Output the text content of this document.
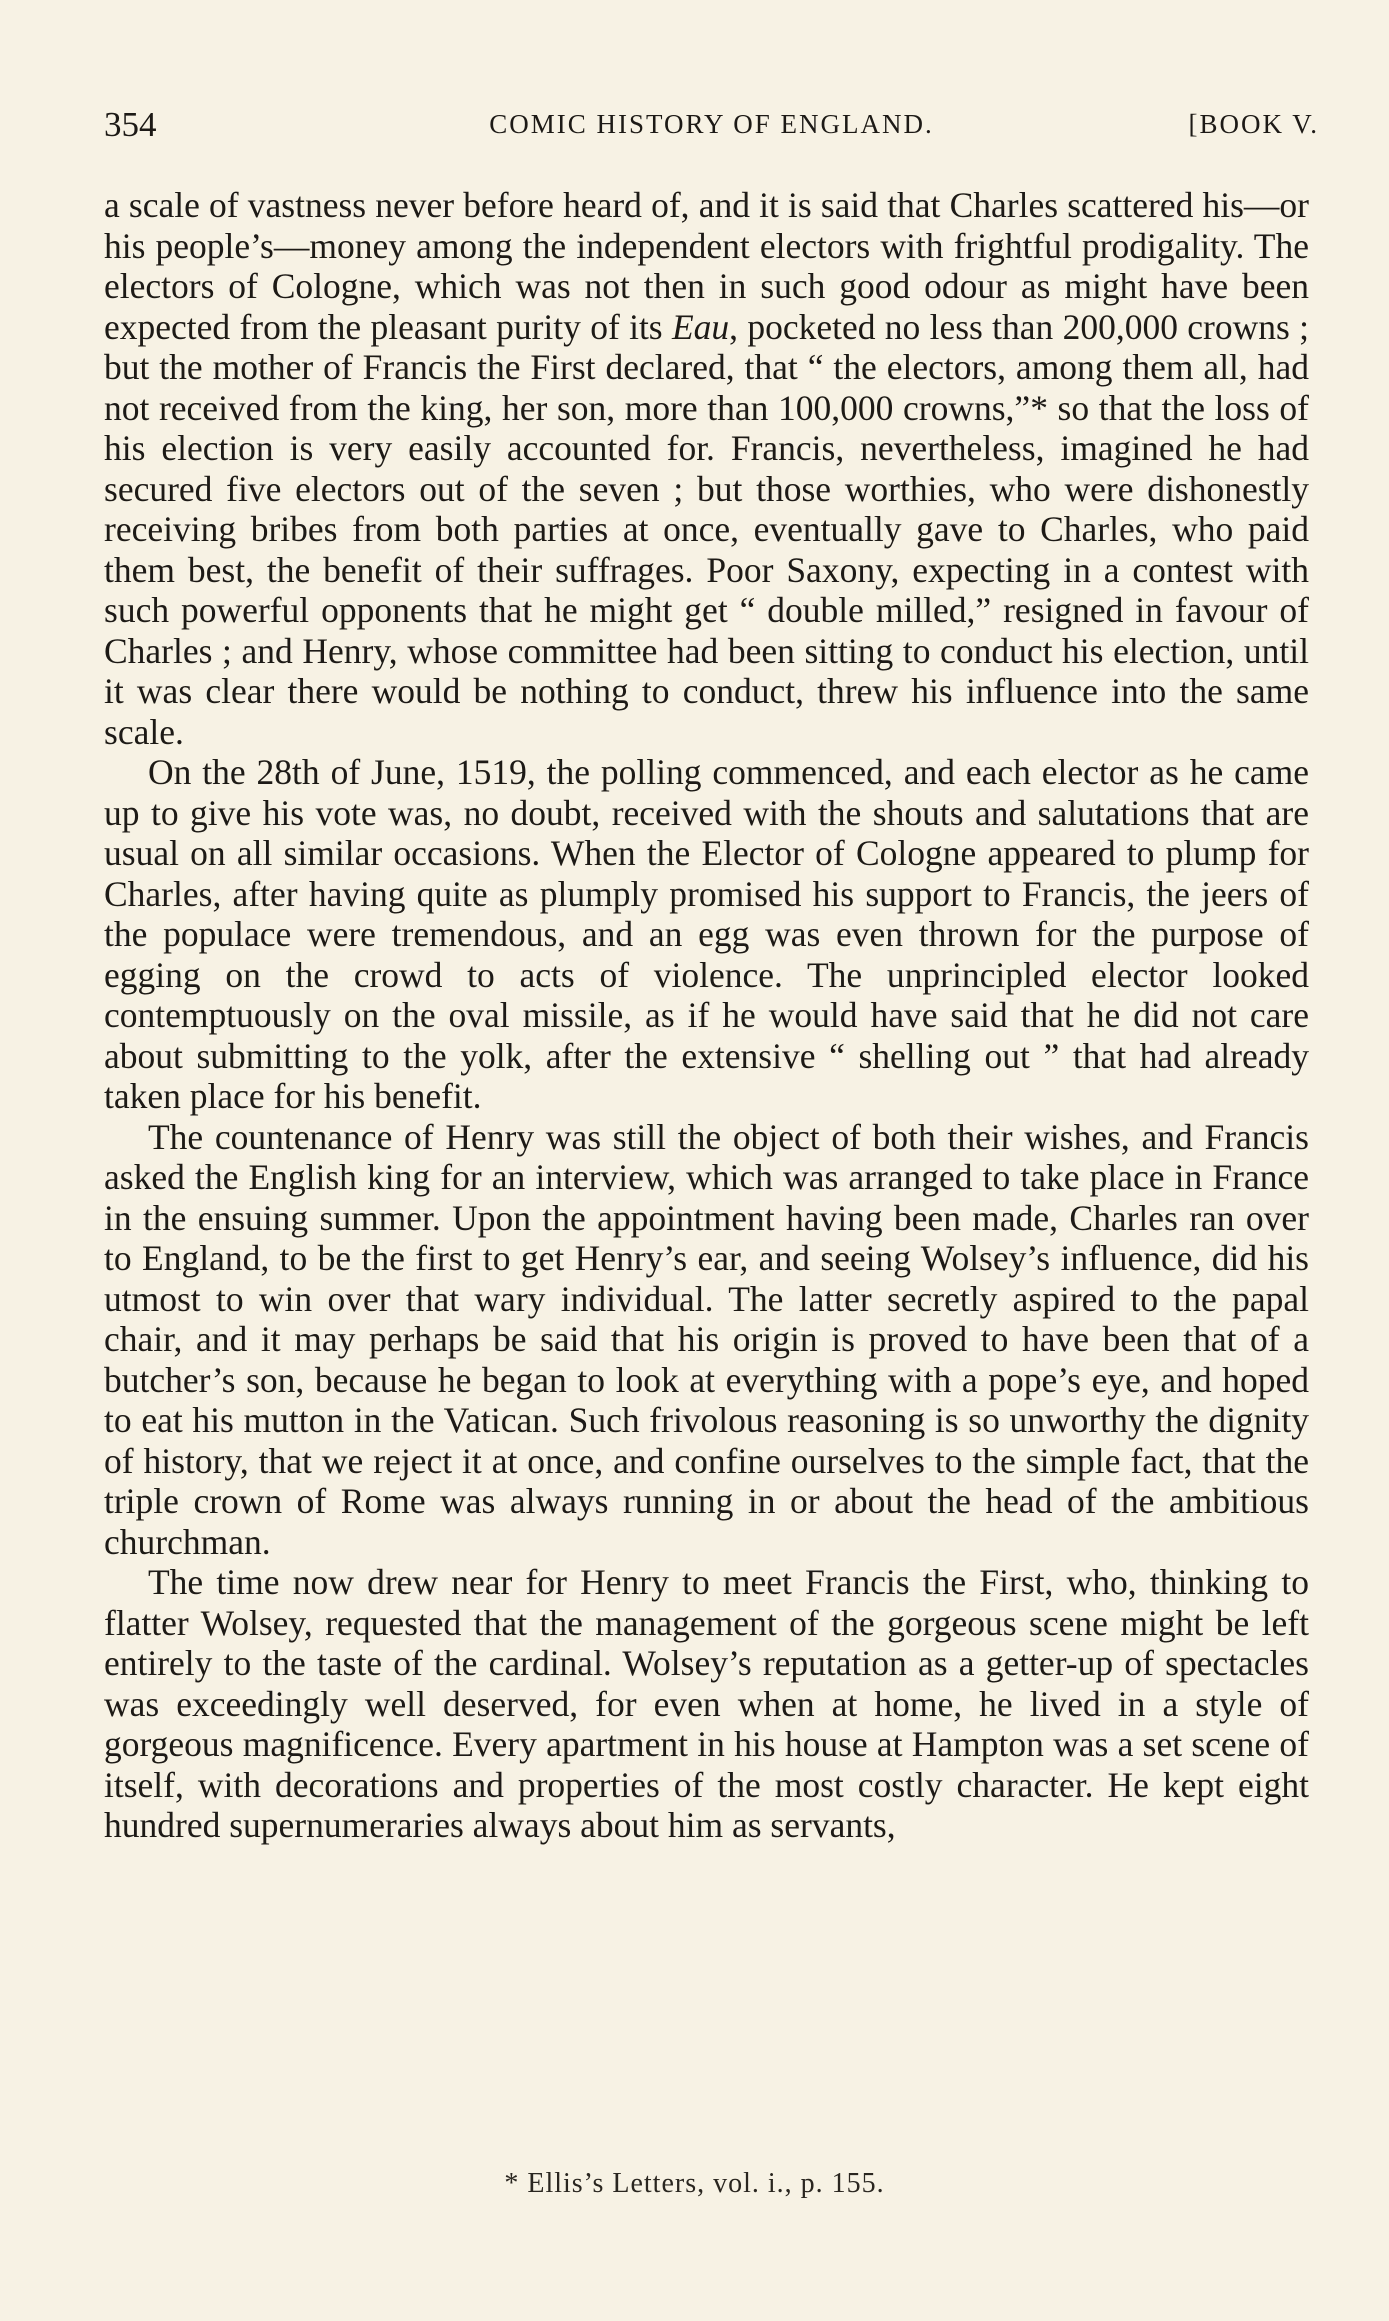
354	COMIC HISTORY OF ENGLAND.	[BOOK V.

a scale of vastness never before heard of, and it is said that Charles scattered his—or his people’s—money among the independent electors with frightful prodigality. The electors of Cologne, which was not then in such good odour as might have been expected from the pleasant purity of its Eau, pocketed no less than 200,000 crowns ; but the mother of Francis the First declared, that “ the electors, among them all, had not received from the king, her son, more than 100,000 crowns,”* so that the loss of his election is very easily accounted for. Francis, nevertheless, imagined he had secured five electors out of the seven ; but those worthies, who were dishonestly receiving bribes from both parties at once, eventually gave to Charles, who paid them best, the benefit of their suffrages. Poor Saxony, expecting in a contest with such powerful opponents that he might get “ double milled,” resigned in favour of Charles ; and Henry, whose committee had been sitting to conduct his election, until it was clear there would be nothing to conduct, threw his influence into the same scale.

On the 28th of June, 1519, the polling commenced, and each elector as he came up to give his vote was, no doubt, received with the shouts and salutations that are usual on all similar occasions. When the Elector of Cologne appeared to plump for Charles, after having quite as plumply promised his support to Francis, the jeers of the populace were tremendous, and an egg was even thrown for the purpose of egging on the crowd to acts of violence. The unprincipled elector looked contemptuously on the oval missile, as if he would have said that he did not care about submitting to the yolk, after the extensive “ shelling out ” that had already taken place for his benefit.

The countenance of Henry was still the object of both their wishes, and Francis asked the English king for an interview, which was arranged to take place in France in the ensuing summer. Upon the appointment having been made, Charles ran over to England, to be the first to get Henry’s ear, and seeing Wolsey’s influence, did his utmost to win over that wary individual. The latter secretly aspired to the papal chair, and it may perhaps be said that his origin is proved to have been that of a butcher’s son, because he began to look at everything with a pope’s eye, and hoped to eat his mutton in the Vatican. Such frivolous reasoning is so unworthy the dignity of history, that we reject it at once, and confine ourselves to the simple fact, that the triple crown of Rome was always running in or about the head of the ambitious churchman.

The time now drew near for Henry to meet Francis the First, who, thinking to flatter Wolsey, requested that the management of the gorgeous scene might be left entirely to the taste of the cardinal. Wolsey’s reputation as a getter-up of spectacles was exceedingly well deserved, for even when at home, he lived in a style of gorgeous magnificence. Every apartment in his house at Hampton was a set scene of itself, with decorations and properties of the most costly character. He kept eight hundred supernumeraries always about him as servants,

* Ellis’s Letters, vol. i., p. 155.
